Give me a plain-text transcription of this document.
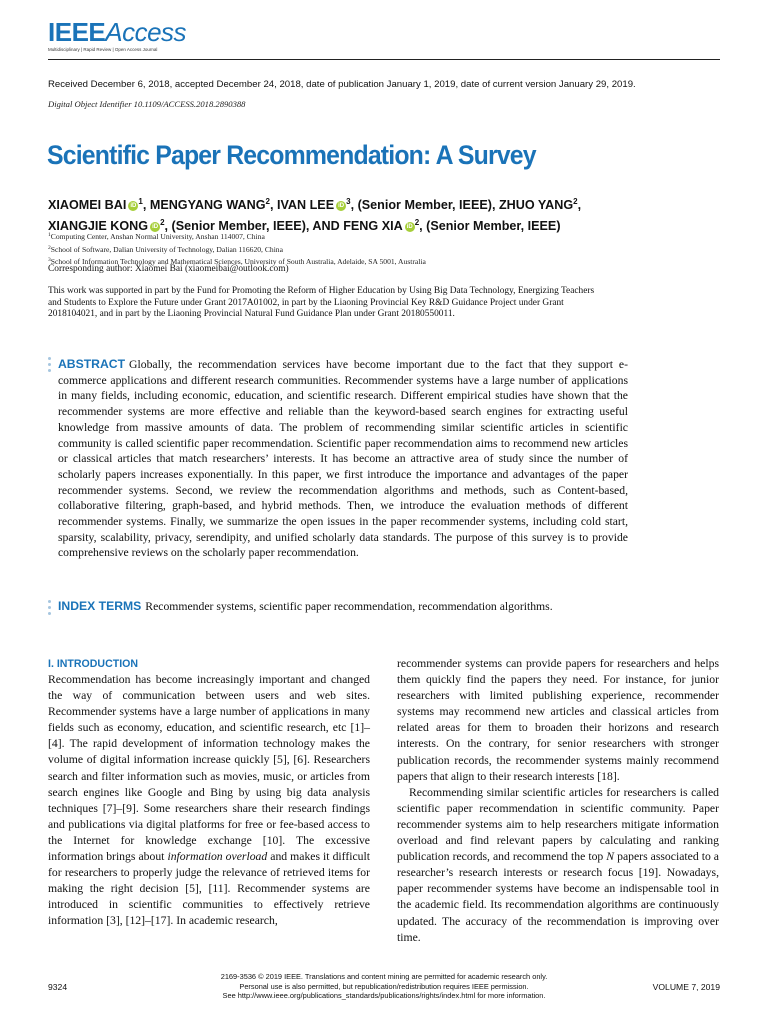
IEEEAccess
Multidisciplinary | Rapid Review | Open Access Journal
Received December 6, 2018, accepted December 24, 2018, date of publication January 1, 2019, date of current version January 29, 2019.
Digital Object Identifier 10.1109/ACCESS.2018.2890388
Scientific Paper Recommendation: A Survey
XIAOMEI BAI iD $^1$, MENGYANG WANG$^2$, IVAN LEE iD $^3$, (Senior Member, IEEE), ZHUO YANG$^2$,
XIANGJIE KONG iD $^2$, (Senior Member, IEEE), AND FENG XIA iD $^2$, (Senior Member, IEEE)
$^1$Computing Center, Anshan Normal University, Anshan 114007, China
$^2$School of Software, Dalian University of Technology, Dalian 116620, China
$^3$School of Information Technology and Mathematical Sciences, University of South Australia, Adelaide, SA 5001, Australia
Corresponding author: Xiaomei Bai (xiaomeibai@outlook.com)
This work was supported in part by the Fund for Promoting the Reform of Higher Education by Using Big Data Technology, Energizing Teachers and Students to Explore the Future under Grant 2017A01002, in part by the Liaoning Provincial Key R&D Guidance Project under Grant 2018104021, and in part by the Liaoning Provincial Natural Fund Guidance Plan under Grant 20180550011.
ABSTRACT Globally, the recommendation services have become important due to the fact that they support e-commerce applications and different research communities. Recommender systems have a large number of applications in many fields, including economic, education, and scientific research. Different empirical studies have shown that the recommender systems are more effective and reliable than the keyword-based search engines for extracting useful knowledge from massive amounts of data. The problem of recommending similar scientific articles in scientific community is called scientific paper recommendation. Scientific paper recommendation aims to recommend new articles or classical articles that match researchers’ interests. It has become an attractive area of study since the number of scholarly papers increases exponentially. In this paper, we first introduce the importance and advantages of the paper recommender systems. Second, we review the recommendation algorithms and methods, such as Content-based, collaborative filtering, graph-based, and hybrid methods. Then, we introduce the evaluation methods of different recommender systems. Finally, we summarize the open issues in the paper recommender systems, including cold start, sparsity, scalability, privacy, serendipity, and unified scholarly data standards. The purpose of this survey is to provide comprehensive reviews on the scholarly paper recommendation.
INDEX TERMS Recommender systems, scientific paper recommendation, recommendation algorithms.
I. INTRODUCTION

Recommendation has become increasingly important and changed the way of communication between users and web sites. Recommender systems have a large number of applications in many fields such as economy, education, and scientific research, etc [1]–[4]. The rapid development of information technology makes the volume of digital information increase quickly [5], [6]. Researchers search and filter information such as movies, music, or articles from search engines like Google and Bing by using big data analysis techniques [7]–[9]. Some researchers share their research findings and publications via digital platforms for free or fee-based access to the Internet for knowledge exchange [10]. The excessive information brings about information overload and makes it difficult for researchers to properly judge the relevance of retrieved items for making the right decision [5], [11]. Recommender systems are introduced in scientific communities to effectively retrieve information [3], [12]–[17]. In academic research,

recommender systems can provide papers for researchers and helps them quickly find the papers they need. For instance, for junior researchers with limited publishing experience, recommender systems may recommend new articles and classical articles from related areas for them to broaden their horizons and research interests. On the contrary, for senior researchers with stronger publication records, the recommender systems mainly recommend papers that align to their research interests [18].

Recommending similar scientific articles for researchers is called scientific paper recommendation in scientific community. Paper recommender systems aim to help researchers mitigate information overload and find relevant papers by calculating and ranking publication records, and recommend the top N papers associated to a researcher’s research interests or research focus [19]. Nowadays, paper recommender systems have become an indispensable tool in the academic field. Its recommendation algorithms are continuously updated. The accuracy of the recommendation is improving over time.

9324
2169-3536 © 2019 IEEE. Translations and content mining are permitted for academic research only.
Personal use is also permitted, but republication/redistribution requires IEEE permission.
See http://www.ieee.org/publications_standards/publications/rights/index.html for more information.
VOLUME 7, 2019
